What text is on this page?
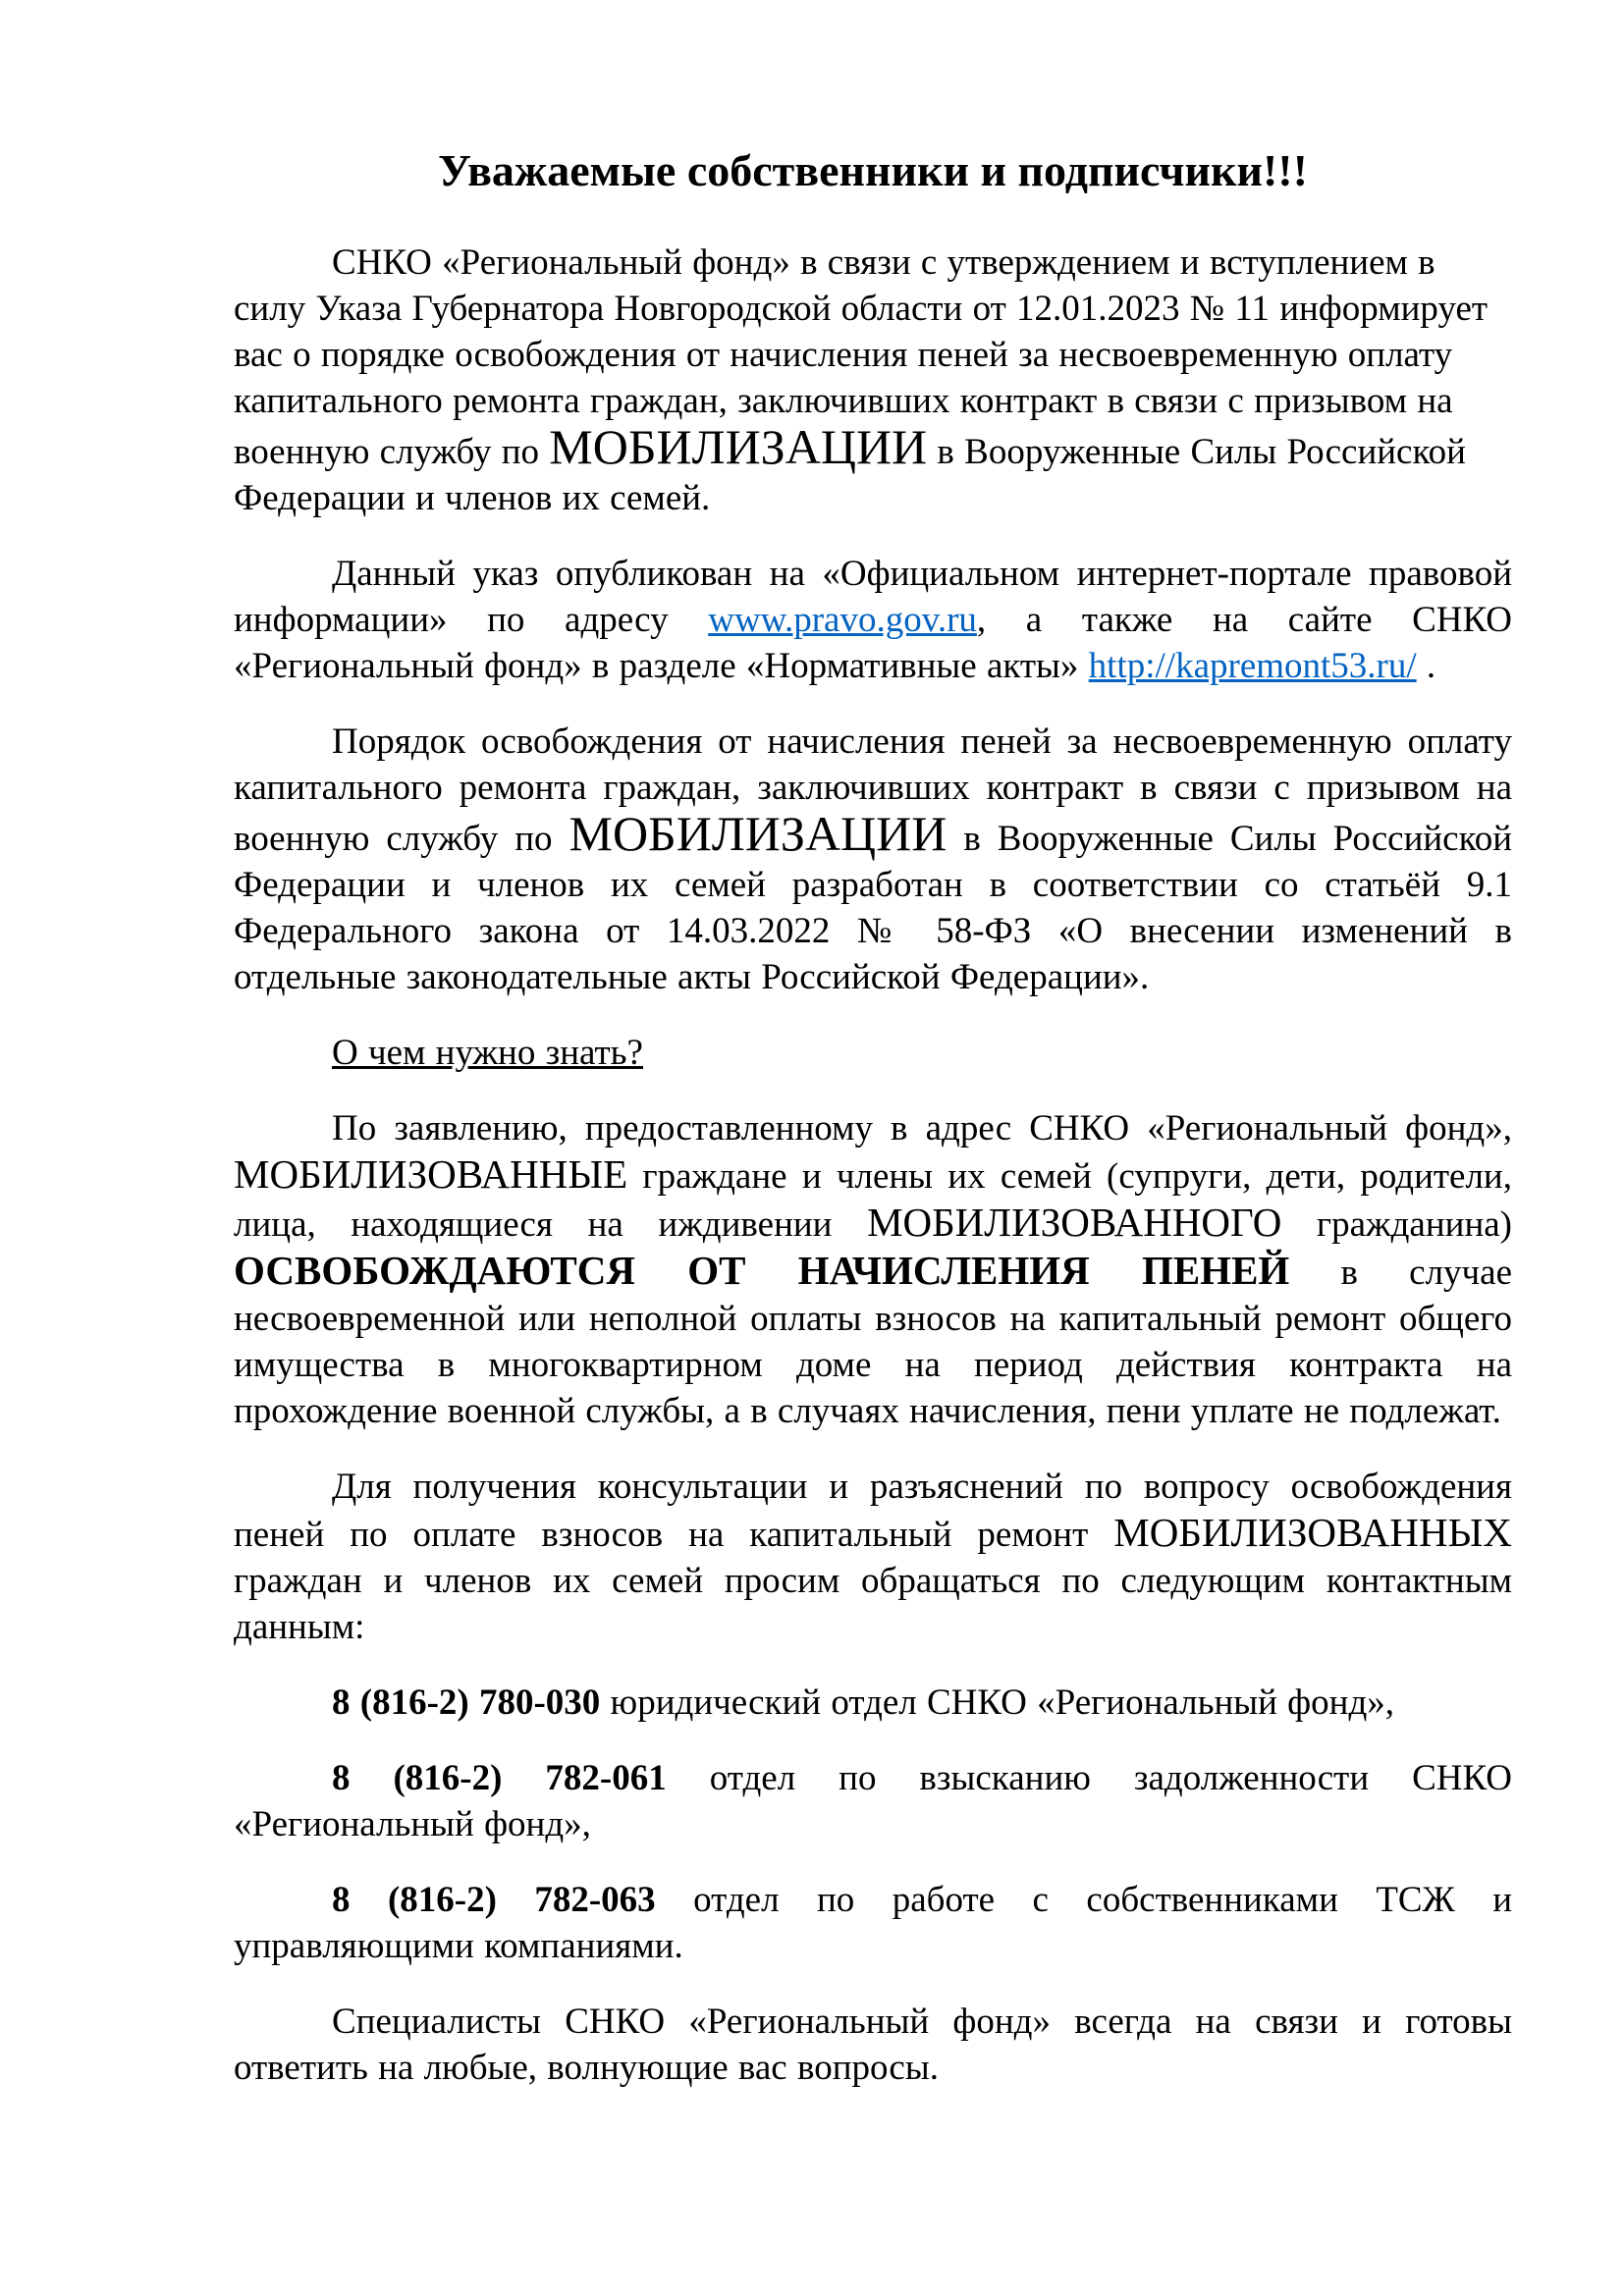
Уважаемые собственники и подписчики!!!

СНКО «Региональный фонд» в связи с утверждением и вступлением в силу Указа Губернатора Новгородской области от 12.01.2023 № 11 информирует вас о порядке освобождения от начисления пеней за несвоевременную оплату капитального ремонта граждан, заключивших контракт в связи с призывом на военную службу по МОБИЛИЗАЦИИ в Вооруженные Силы Российской Федерации и членов их семей.

Данный указ опубликован на «Официальном интернет-портале правовой информации» по адресу www.pravo.gov.ru, а также на сайте СНКО «Региональный фонд» в разделе «Нормативные акты» http://kapremont53.ru/ .

Порядок освобождения от начисления пеней за несвоевременную оплату капитального ремонта граждан, заключивших контракт в связи с призывом на военную службу по МОБИЛИЗАЦИИ в Вооруженные Силы Российской Федерации и членов их семей разработан в соответствии со статьёй 9.1 Федерального закона от 14.03.2022 № 58-ФЗ «О внесении изменений в отдельные законодательные акты Российской Федерации».

О чем нужно знать?

По заявлению, предоставленному в адрес СНКО «Региональный фонд», МОБИЛИЗОВАННЫЕ граждане и члены их семей (супруги, дети, родители, лица, находящиеся на иждивении МОБИЛИЗОВАННОГО гражданина) ОСВОБОЖДАЮТСЯ ОТ НАЧИСЛЕНИЯ ПЕНЕЙ в случае несвоевременной или неполной оплаты взносов на капитальный ремонт общего имущества в многоквартирном доме на период действия контракта на прохождение военной службы, а в случаях начисления, пени уплате не подлежат.

Для получения консультации и разъяснений по вопросу освобождения пеней по оплате взносов на капитальный ремонт МОБИЛИЗОВАННЫХ граждан и членов их семей просим обращаться по следующим контактным данным:

8 (816-2) 780-030 юридический отдел СНКО «Региональный фонд»,

8 (816-2) 782-061 отдел по взысканию задолженности СНКО «Региональный фонд»,

8 (816-2) 782-063 отдел по работе с собственниками ТСЖ и управляющими компаниями.

Специалисты СНКО «Региональный фонд» всегда на связи и готовы ответить на любые, волнующие вас вопросы.
